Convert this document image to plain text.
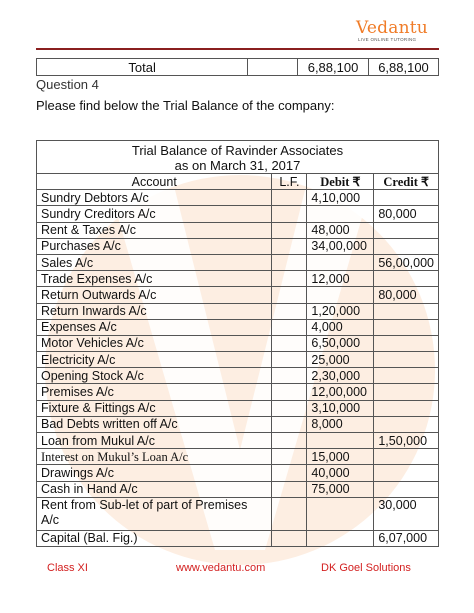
Vedantu
LIVE ONLINE TUTORING
Total		6,88,100	6,88,100
Question 4
Please find below the Trial Balance of the company:
Trial Balance of Ravinder Associates
as on March 31, 2017			

Account	L.F.	Debit ₹	Credit ₹
Sundry Debtors A/c		4,10,000	
Sundry Creditors A/c			80,000
Rent & Taxes A/c		48,000	
Purchases A/c		34,00,000	
Sales A/c			56,00,000
Trade Expenses A/c		12,000	
Return Outwards A/c			80,000
Return Inwards A/c		1,20,000	
Expenses A/c		4,000	
Motor Vehicles A/c		6,50,000	
Electricity A/c		25,000	
Opening Stock A/c		2,30,000	
Premises A/c		12,00,000	
Fixture & Fittings A/c		3,10,000	
Bad Debts written off A/c		8,000	
Loan from Mukul A/c			1,50,000
Interest on Mukul’s Loan A/c		15,000	
Drawings A/c		40,000	
Cash in Hand A/c		75,000	
Rent from Sub-let of part of Premises A/c			30,000
Capital (Bal. Fig.)			6,07,000
Class XI	www.vedantu.com	DK Goel Solutions
